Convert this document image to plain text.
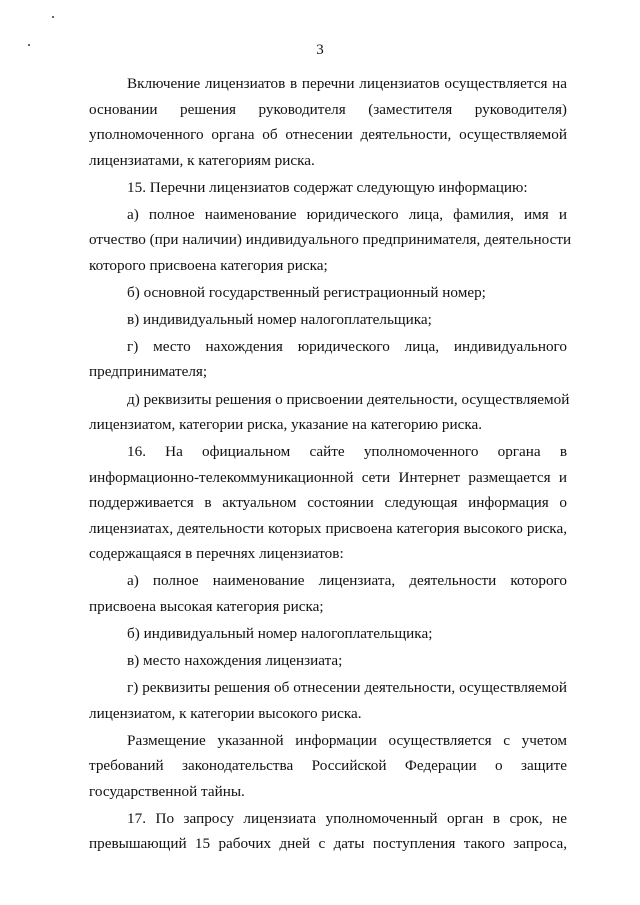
3
Включение лицензиатов в перечни лицензиатов осуществляется на
основании решения руководителя (заместителя руководителя)
уполномоченного органа об отнесении деятельности, осуществляемой
лицензиатами, к категориям риска.
15. Перечни лицензиатов содержат следующую информацию:
а) полное наименование юридического лица, фамилия, имя и
отчество (при наличии) индивидуального предпринимателя, деятельности
которого присвоена категория риска;
б) основной государственный регистрационный номер;
в) индивидуальный номер налогоплательщика;
г) место нахождения юридического лица, индивидуального
предпринимателя;
д) реквизиты решения о присвоении деятельности, осуществляемой
лицензиатом, категории риска, указание на категорию риска.
16. На официальном сайте уполномоченного органа в
информационно-телекоммуникационной сети Интернет размещается и
поддерживается в актуальном состоянии следующая информация о
лицензиатах, деятельности которых присвоена категория высокого риска,
содержащаяся в перечнях лицензиатов:
а) полное наименование лицензиата, деятельности которого
присвоена высокая категория риска;
б) индивидуальный номер налогоплательщика;
в) место нахождения лицензиата;
г) реквизиты решения об отнесении деятельности, осуществляемой
лицензиатом, к категории высокого риска.
Размещение указанной информации осуществляется с учетом
требований законодательства Российской Федерации о защите
государственной тайны.
17. По запросу лицензиата уполномоченный орган в срок, не
превышающий 15 рабочих дней с даты поступления такого запроса,
